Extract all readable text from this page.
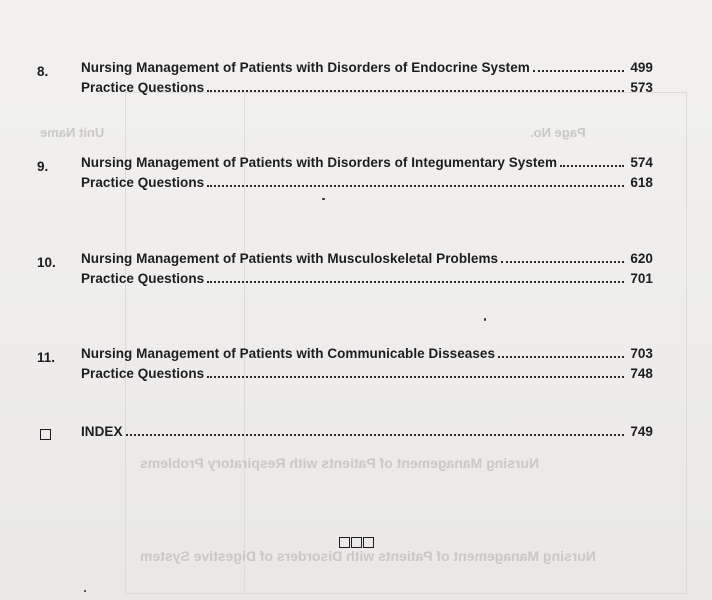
Page No.
Unit Name
Nursing Management of Patients with Respiratory Problems
Nursing Management of Patients with Disorders of Digestive System
8. Nursing Management of Patients with Disorders of Endocrine System	499
Practice Questions	573
9. Nursing Management of Patients with Disorders of Integumentary System	574
Practice Questions	618
10. Nursing Management of Patients with Musculoskeletal Problems	620
Practice Questions	701
11. Nursing Management of Patients with Communicable Disseases	703
Practice Questions	748
INDEX	749
